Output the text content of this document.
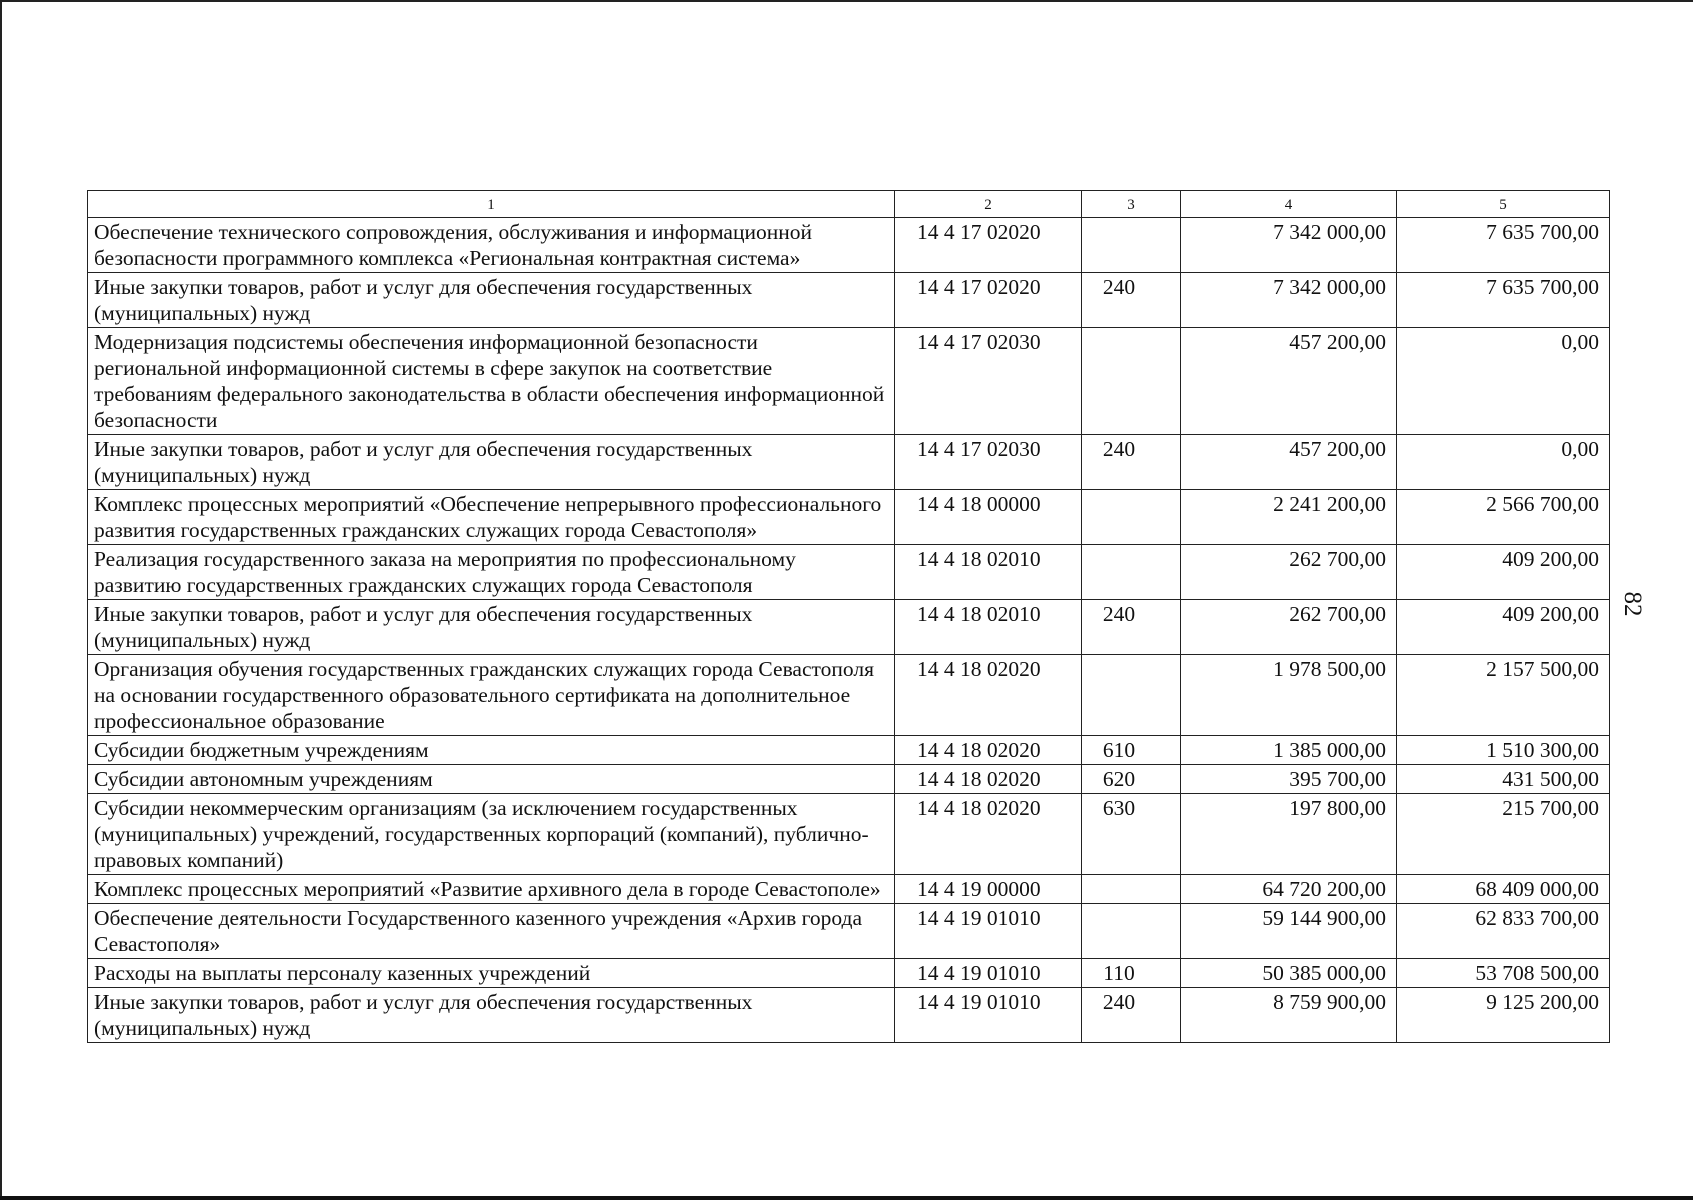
82
1	2	3	4	5
Обеспечение технического сопровождения, обслуживания и информационной безопасности программного комплекса «Региональная контрактная система»	14 4 17 02020		7 342 000,00	7 635 700,00
Иные закупки товаров, работ и услуг для обеспечения государственных (муниципальных) нужд	14 4 17 02020	240	7 342 000,00	7 635 700,00
Модернизация подсистемы обеспечения информационной безопасности региональной информационной системы в сфере закупок на соответствие требованиям федерального законодательства в области обеспечения информационной безопасности	14 4 17 02030		457 200,00	0,00
Иные закупки товаров, работ и услуг для обеспечения государственных (муниципальных) нужд	14 4 17 02030	240	457 200,00	0,00
Комплекс процессных мероприятий «Обеспечение непрерывного профессионального развития государственных гражданских служащих города Севастополя»	14 4 18 00000		2 241 200,00	2 566 700,00
Реализация государственного заказа на мероприятия по профессиональному развитию государственных гражданских служащих города Севастополя	14 4 18 02010		262 700,00	409 200,00
Иные закупки товаров, работ и услуг для обеспечения государственных (муниципальных) нужд	14 4 18 02010	240	262 700,00	409 200,00
Организация обучения государственных гражданских служащих города Севастополя на основании государственного образовательного сертификата на дополнительное профессиональное образование	14 4 18 02020		1 978 500,00	2 157 500,00
Субсидии бюджетным учреждениям	14 4 18 02020	610	1 385 000,00	1 510 300,00
Субсидии автономным учреждениям	14 4 18 02020	620	395 700,00	431 500,00
Субсидии некоммерческим организациям (за исключением государственных (муниципальных) учреждений, государственных корпораций (компаний), публично-правовых компаний)	14 4 18 02020	630	197 800,00	215 700,00
Комплекс процессных мероприятий «Развитие архивного дела в городе Севастополе»	14 4 19 00000		64 720 200,00	68 409 000,00
Обеспечение деятельности Государственного казенного учреждения «Архив города Севастополя»	14 4 19 01010		59 144 900,00	62 833 700,00
Расходы на выплаты персоналу казенных учреждений	14 4 19 01010	110	50 385 000,00	53 708 500,00
Иные закупки товаров, работ и услуг для обеспечения государственных (муниципальных) нужд	14 4 19 01010	240	8 759 900,00	9 125 200,00
